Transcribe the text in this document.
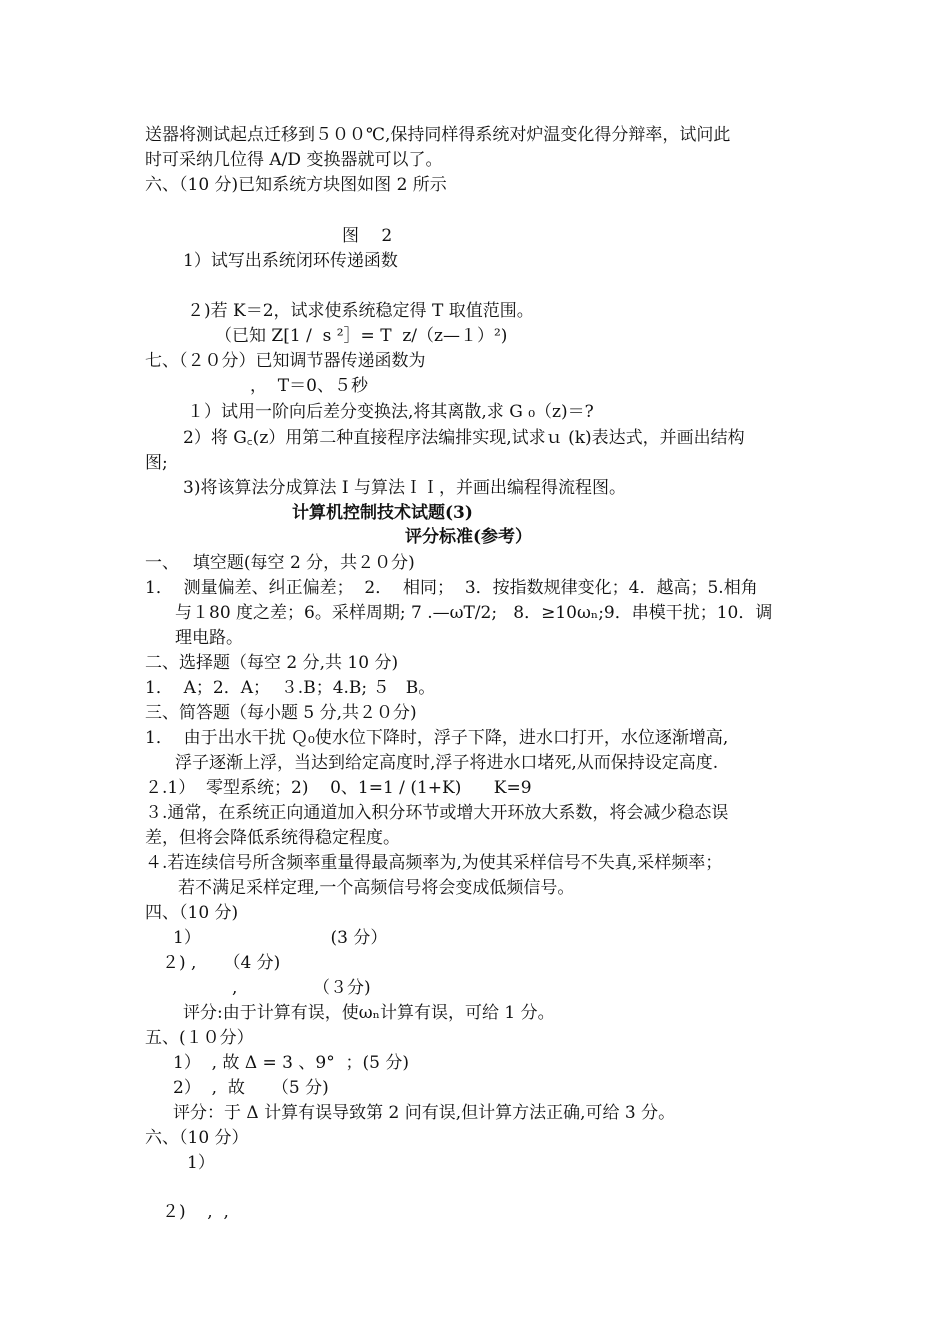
送器将测试起点迁移到５００℃,保持同样得系统对炉温变化得分辩率，试问此
时可采纳几位得 A/D 变换器就可以了。
六、（10 分)已知系统方块图如图 2 所示
图　 2
1）试写出系统闭环传递函数
２)若 K＝2，试求使系统稳定得 T 取值范围。
（已知 Z[1 /  s ²］= T  z/（z—１）²)
七、（２０分）已知调节器传递函数为
，  T＝0、５秒
１）试用一阶向后差分变换法,将其离散,求 G ₀（z)＝?
2）将 G꜀(z）用第二种直接程序法编排实现,试求ｕ (k)表达式，并画出结构
图;
3)将该算法分成算法 I 与算法ＩＩ，并画出编程得流程图。
计算机控制技术试题(3)
评分标准(参考）
一、　 填空题(每空 2 分，共２０分)
1．  测量偏差、纠正偏差；  2．  相同；  3．按指数规律变化；4．越高；5.相角
与１80 度之差；6。采样周期; 7 .—ωT/2;   8．≥10ωₙ;9．串模干扰；10．调
理电路。
二、选择题（每空 2 分,共 10 分)
1．  A；2．A；  ３.B；4.B; ５   B。
三、简答题（每小题 5 分,共２０分)
1．  由于出水干扰 Ｑ₀使水位下降时，浮子下降，进水口打开，水位逐渐增高,
浮子逐渐上浮，当达到给定高度时,浮子将进水口堵死,从而保持设定高度.
２.1）  零型系统；2)    0、1=1 / (1+K)      K=9
３.通常，在系统正向通道加入积分环节或增大开环放大系数，将会减少稳态误
差，但将会降低系统得稳定程度。
４.若连续信号所含频率重量得最高频率为,为使其采样信号不失真,采样频率；
若不满足采样定理,一个高频信号将会变成低频信号。
四、（10 分)
1）                        (3 分）
２) ,     （4 分)
,              （３分)
评分:由于计算有误，使ωₙ计算有误，可给 1 分。
五、(１０分）
1）  , 故 Δ = 3 、9°  ；(5 分)
2）  ,  故     （5 分)
评分：于 Δ 计算有误导致第 2 问有误,但计算方法正确,可给 3 分。
六、（10 分）
1）
２)    ,  ,
